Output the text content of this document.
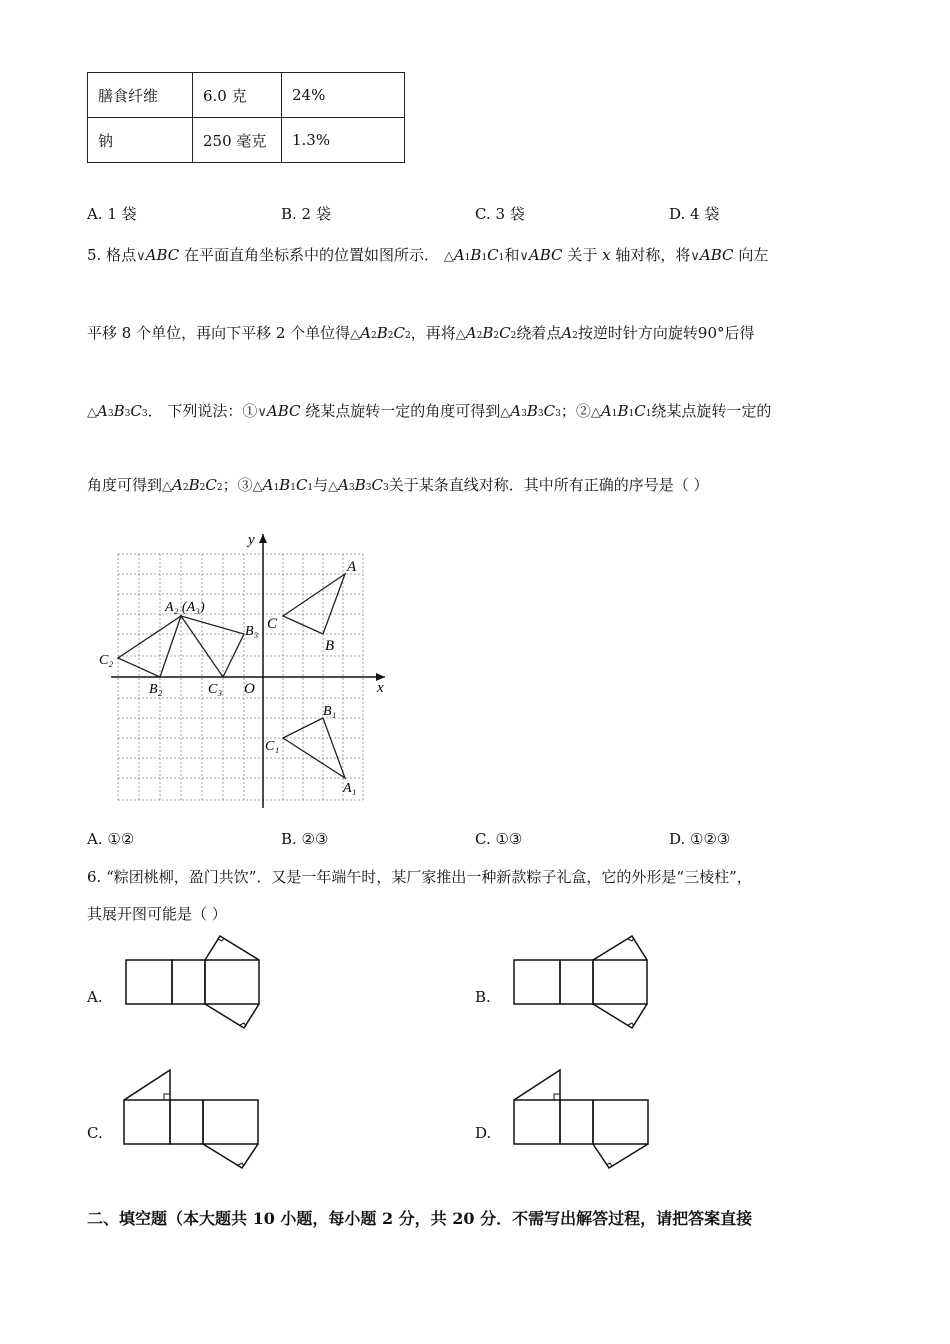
膳食纤维	6.0 克	24%
钠	250 毫克	1.3%
A. 1 袋	B. 2 袋	C. 3 袋	D. 4 袋
5. 格点∨ABC 在平面直角坐标系中的位置如图所示． △A1B1C1和∨ABC 关于 x 轴对称，将∨ABC 向左
平移 8 个单位，再向下平移 2 个单位得△A2B2C2，再将△A2B2C2绕着点A2按逆时针方向旋转90°后得
△A3B3C3． 下列说法：①∨ABC 绕某点旋转一定的角度可得到△A3B3C3；②△A1B1C1绕某点旋转一定的
角度可得到△A2B2C2；③△A1B1C1与△A3B3C3关于某条直线对称．其中所有正确的序号是（ ）
y
x
O
A
B
C
A₂ (A₃)
B₃
C₂
B₂	C₃
B₁
C₁
A₁
A. ①②	B. ②③	C. ①③	D. ①②③
6. “粽团桃柳，盈门共饮”．又是一年端午时，某厂家推出一种新款粽子礼盒，它的外形是“三棱柱”，
其展开图可能是（ ）
A.	B.
C.	D.
二、填空题（本大题共 10 小题，每小题 2 分，共 20 分．不需写出解答过程，请把答案直接
